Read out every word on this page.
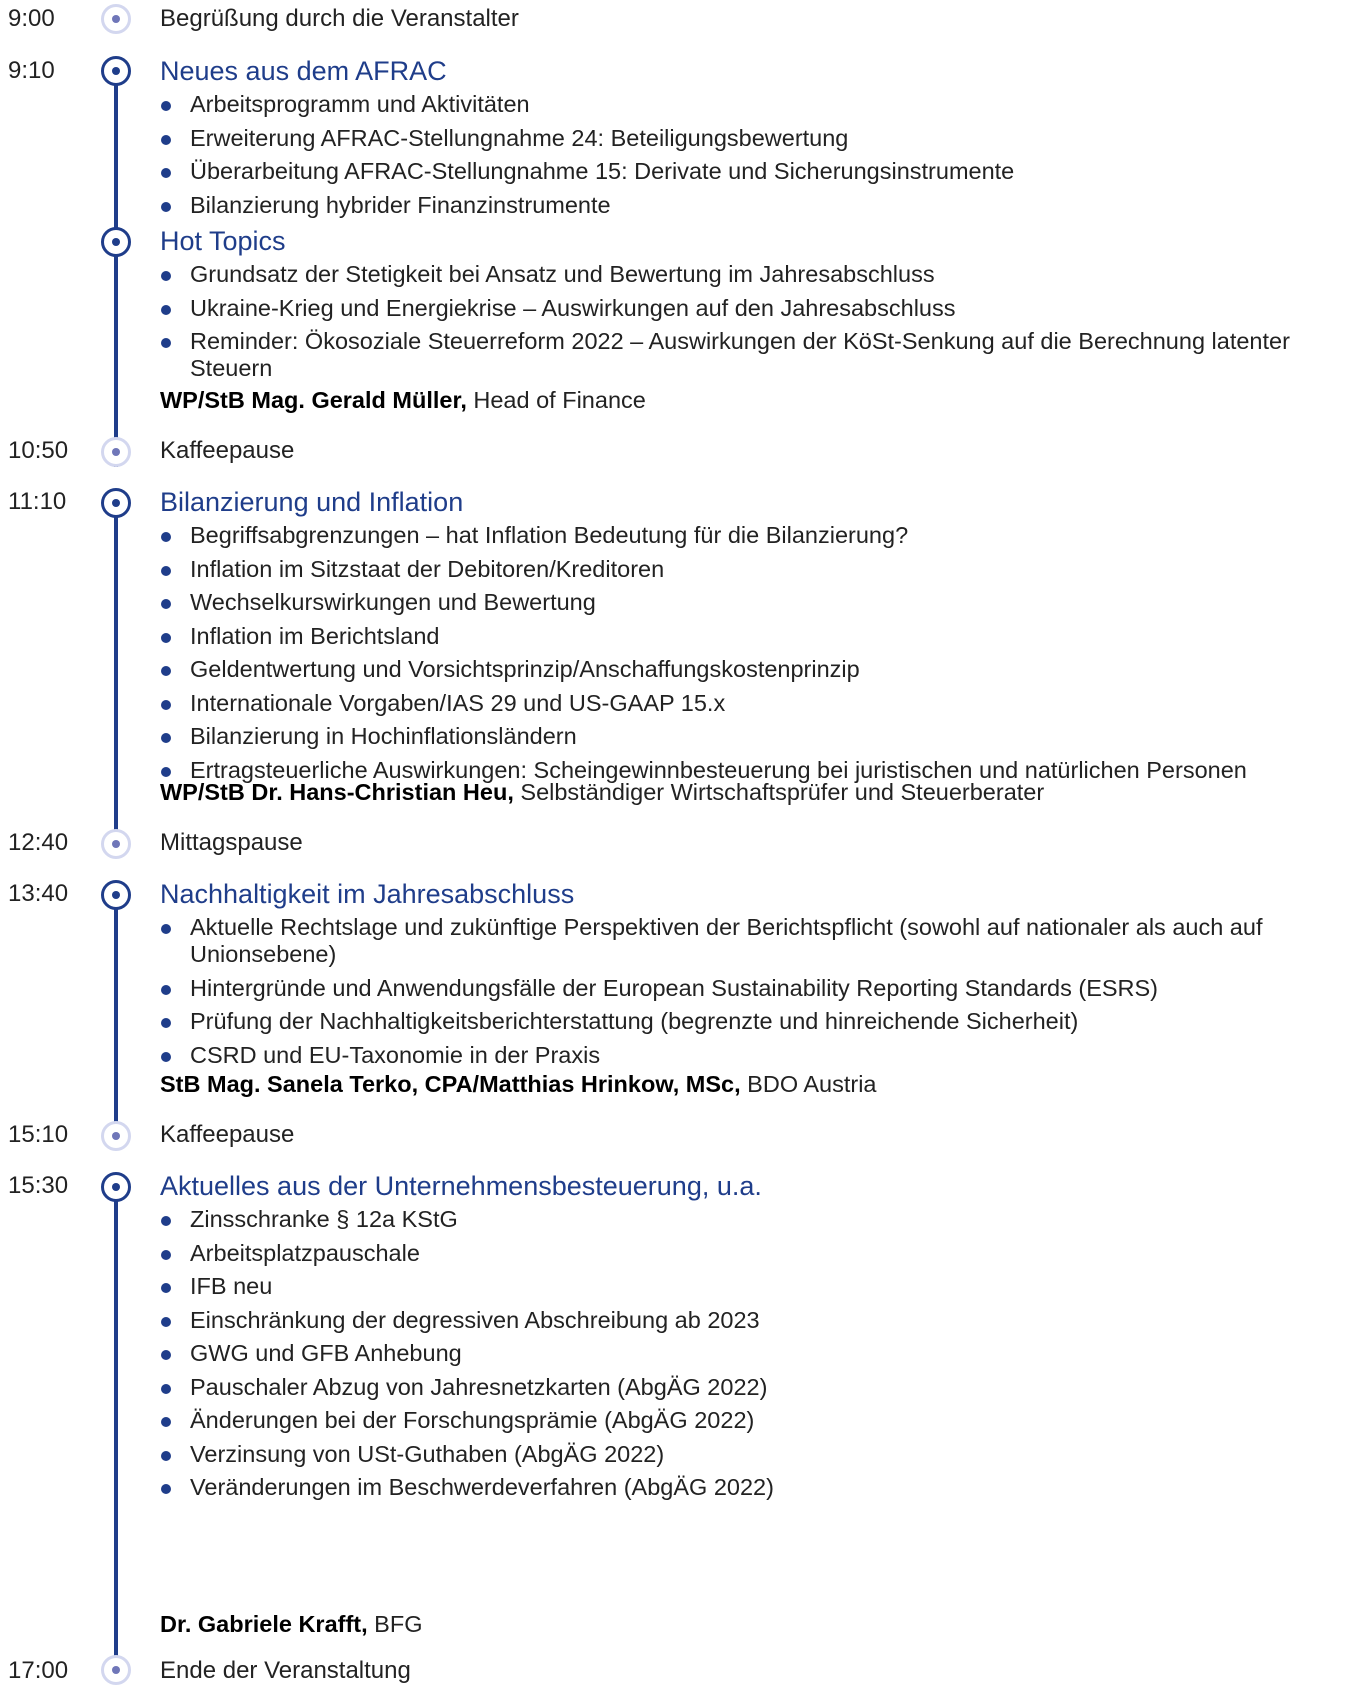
9:00	Begrüßung durch die Veranstalter
9:10	Neues aus dem AFRAC
Arbeitsprogramm und Aktivitäten
Erweiterung AFRAC-Stellungnahme 24: Beteiligungsbewertung
Überarbeitung AFRAC-Stellungnahme 15: Derivate und Sicherungsinstrumente
Bilanzierung hybrider Finanzinstrumente
Hot Topics
Grundsatz der Stetigkeit bei Ansatz und Bewertung im Jahresabschluss
Ukraine-Krieg und Energiekrise – Auswirkungen auf den Jahresabschluss
Reminder: Ökosoziale Steuerreform 2022 – Auswirkungen der KöSt-Senkung auf die Berechnung latenter Steuern
WP/StB Mag. Gerald Müller, Head of Finance
10:50	Kaffeepause
11:10	Bilanzierung und Inflation
Begriffsabgrenzungen – hat Inflation Bedeutung für die Bilanzierung?
Inflation im Sitzstaat der Debitoren/Kreditoren
Wechselkurswirkungen und Bewertung
Inflation im Berichtsland
Geldentwertung und Vorsichtsprinzip/Anschaffungskostenprinzip
Internationale Vorgaben/IAS 29 und US-GAAP 15.x
Bilanzierung in Hochinflationsländern
Ertragsteuerliche Auswirkungen: Scheingewinnbesteuerung bei juristischen und natürlichen Personen
WP/StB Dr. Hans-Christian Heu, Selbständiger Wirtschaftsprüfer und Steuerberater
12:40	Mittagspause
13:40	Nachhaltigkeit im Jahresabschluss
Aktuelle Rechtslage und zukünftige Perspektiven der Berichtspflicht (sowohl auf nationaler als auch auf Unionsebene)
Hintergründe und Anwendungsfälle der European Sustainability Reporting Standards (ESRS)
Prüfung der Nachhaltigkeitsberichterstattung (begrenzte und hinreichende Sicherheit)
CSRD und EU-Taxonomie in der Praxis
StB Mag. Sanela Terko, CPA/Matthias Hrinkow, MSc, BDO Austria
15:10	Kaffeepause
15:30	Aktuelles aus der Unternehmensbesteuerung, u.a.
Zinsschranke § 12a KStG
Arbeitsplatzpauschale
IFB neu
Einschränkung der degressiven Abschreibung ab 2023
GWG und GFB Anhebung
Pauschaler Abzug von Jahresnetzkarten (AbgÄG 2022)
Änderungen bei der Forschungsprämie (AbgÄG 2022)
Verzinsung von USt-Guthaben (AbgÄG 2022)
Veränderungen im Beschwerdeverfahren (AbgÄG 2022)
Dr. Gabriele Krafft, BFG
17:00	Ende der Veranstaltung
